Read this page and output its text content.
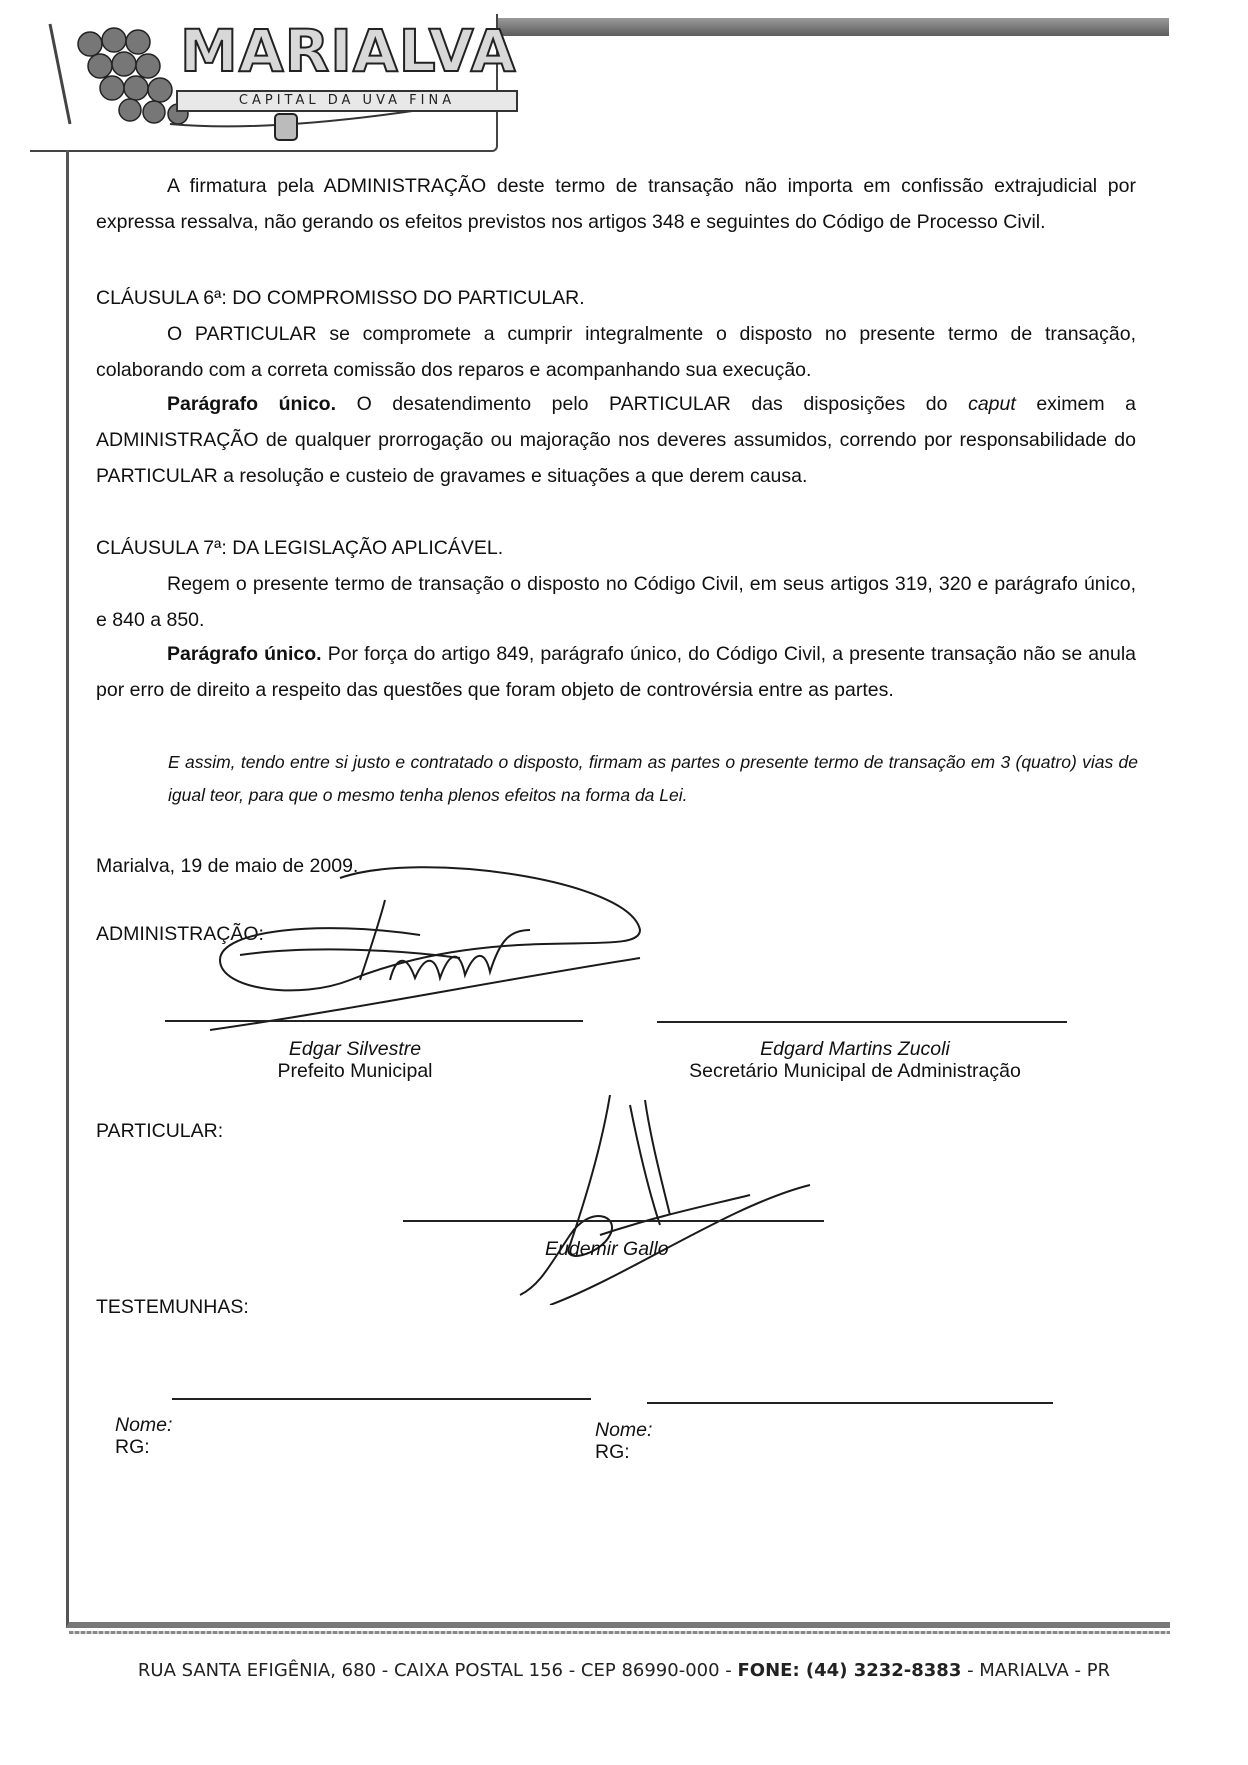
MARIALVA
CAPITAL DA UVA FINA
A firmatura pela ADMINISTRAÇÃO deste termo de transação não importa em confissão extrajudicial por expressa ressalva, não gerando os efeitos previstos nos artigos 348 e seguintes do Código de Processo Civil.
CLÁUSULA 6ª: DO COMPROMISSO DO PARTICULAR.
O PARTICULAR se compromete a cumprir integralmente o disposto no presente termo de transação, colaborando com a correta comissão dos reparos e acompanhando sua execução.
Parágrafo único. O desatendimento pelo PARTICULAR das disposições do caput eximem a ADMINISTRAÇÃO de qualquer prorrogação ou majoração nos deveres assumidos, correndo por responsabilidade do PARTICULAR a resolução e custeio de gravames e situações a que derem causa.
CLÁUSULA 7ª: DA LEGISLAÇÃO APLICÁVEL.
Regem o presente termo de transação o disposto no Código Civil, em seus artigos 319, 320 e parágrafo único, e 840 a 850.
Parágrafo único. Por força do artigo 849, parágrafo único, do Código Civil, a presente transação não se anula por erro de direito a respeito das questões que foram objeto de controvérsia entre as partes.
E assim, tendo entre si justo e contratado o disposto, firmam as partes o presente termo de transação em 3 (quatro) vias de igual teor, para que o mesmo tenha plenos efeitos na forma da Lei.
Marialva, 19 de maio de 2009.
ADMINISTRAÇÃO:
Edgar Silvestre
Prefeito Municipal
Edgard Martins Zucoli
Secretário Municipal de Administração
PARTICULAR:
Eudemir Gallo
TESTEMUNHAS:
Nome:
RG:
Nome:
RG:
RUA SANTA EFIGÊNIA, 680 - CAIXA POSTAL 156 - CEP 86990-000 - FONE: (44) 3232-8383 - MARIALVA - PR
